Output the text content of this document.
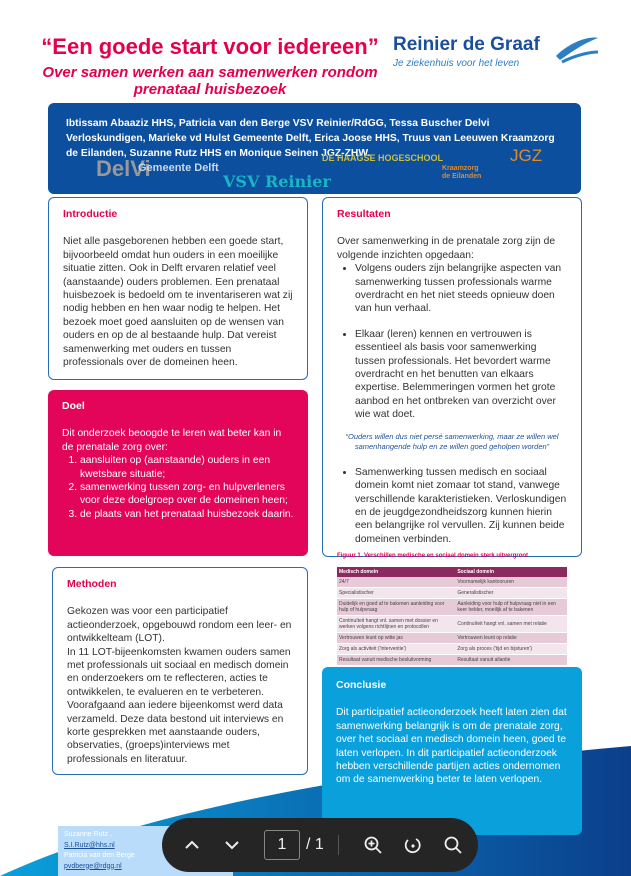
“Een goede start voor iedereen”
Over samen werken aan samenwerken rondom prenataal huisbezoek
Reinier de Graaf
Je ziekenhuis voor het leven
Ibtissam Abaaziz HHS, Patricia van den Berge VSV Reinier/RdGG, Tessa Buscher Delvi Verloskundigen, Marieke vd Hulst Gemeente Delft, Erica Joose HHS, Truus van Leeuwen Kraamzorg de Eilanden, Suzanne Rutz HHS en Monique Seinen JGZ-ZHW.
DelVi
Gemeente Delft
VSV Reinier
DE HAAGSE HOGESCHOOL
Kraamzorg de Eilanden
JGZ
Introductie

Niet alle pasgeborenen hebben een goede start, bijvoorbeeld omdat hun ouders in een moeilijke situatie zitten. Ook in Delft ervaren relatief veel (aanstaande) ouders problemen. Een prenataal huisbezoek is bedoeld om te inventariseren wat zij nodig hebben en hen waar nodig te helpen. Het bezoek moet goed aansluiten op de wensen van ouders en op de al bestaande hulp. Dat vereist samenwerking met ouders en tussen professionals over de domeinen heen.

Doel

Dit onderzoek beoogde te leren wat beter kan in de prenatale zorg over:

1. aansluiten op (aanstaande) ouders in een kwetsbare situatie;
2. samenwerking tussen zorg- en hulpverleners voor deze doelgroep over de domeinen heen;
3. de plaats van het prenataal huisbezoek daarin.
Methoden

Gekozen was voor een participatief actieonderzoek, opgebouwd rondom een leer- en ontwikkelteam (LOT).

In 11 LOT-bijeenkomsten kwamen ouders samen met professionals uit sociaal en medisch domein en onderzoekers om te reflecteren, acties te ontwikkelen, te evalueren en te verbeteren.

Voorafgaand aan iedere bijeenkomst werd data verzameld. Deze data bestond uit interviews en korte gesprekken met aanstaande ouders, observaties, (groeps)interviews met professionals en literatuur.

Resultaten

Over samenwerking in de prenatale zorg zijn de volgende inzichten opgedaan:

• Volgens ouders zijn belangrijke aspecten van samenwerking tussen professionals warme overdracht en het niet steeds opnieuw doen van hun verhaal.
• Elkaar (leren) kennen en vertrouwen is essentieel als basis voor samenwerking tussen professionals. Het bevordert warme overdracht en het benutten van elkaars expertise. Belemmeringen vormen het grote aanbod en het ontbreken van overzicht over wie wat doet.

“Ouders willen dus niet persé samenwerking, maar ze willen wel samenhangende hulp en ze willen goed geholpen worden”

• Samenwerking tussen medisch en sociaal domein komt niet zomaar tot stand, vanwege verschillende karakteristieken. Verloskundigen en de jeugdgezondheidszorg kunnen hierin een belangrijke rol vervullen. Zij kunnen beide domeinen verbinden.
Figuur 1. Verschillen medische en sociaal domein sterk uitvergroot
Medisch domein	Sociaal domein
24/7	Voornamelijk kantooruren
Specialistischer	Generalistischer
Duidelijk en goed af te bakenen aanleiding voor hulp of hulpvraag	Aanleiding voor hulp of hulpvraag niet in een keer helder, moeilijk af te bakenen
Continuïteit hangt vnl. samen met dossier en werken volgens richtlijnen en protocollen	Continuïteit hangt vnl. samen met relatie
Vertrouwen leunt op witte jas	Vertrouwen leunt op relatie
Zorg als activiteit ('interventie')	Zorg als proces ('tijd en bijsturen')
Resultaat vanuit medische besluitvorming	Resultaat vanuit allantie
Conclusie

Dit participatief actieonderzoek heeft laten zien dat samenwerking belangrijk is om de prenatale zorg, over het sociaal en medisch domein heen, goed te laten verlopen. In dit participatief actieonderzoek hebben verschillende partijen acties ondernomen om de samenwerking beter te laten verlopen.

Suzanne Rutz ,
S.I.Rutz@hhs.nl
Patricia van den Berge
pvdberge@rdgg.nl
1	/ 1
